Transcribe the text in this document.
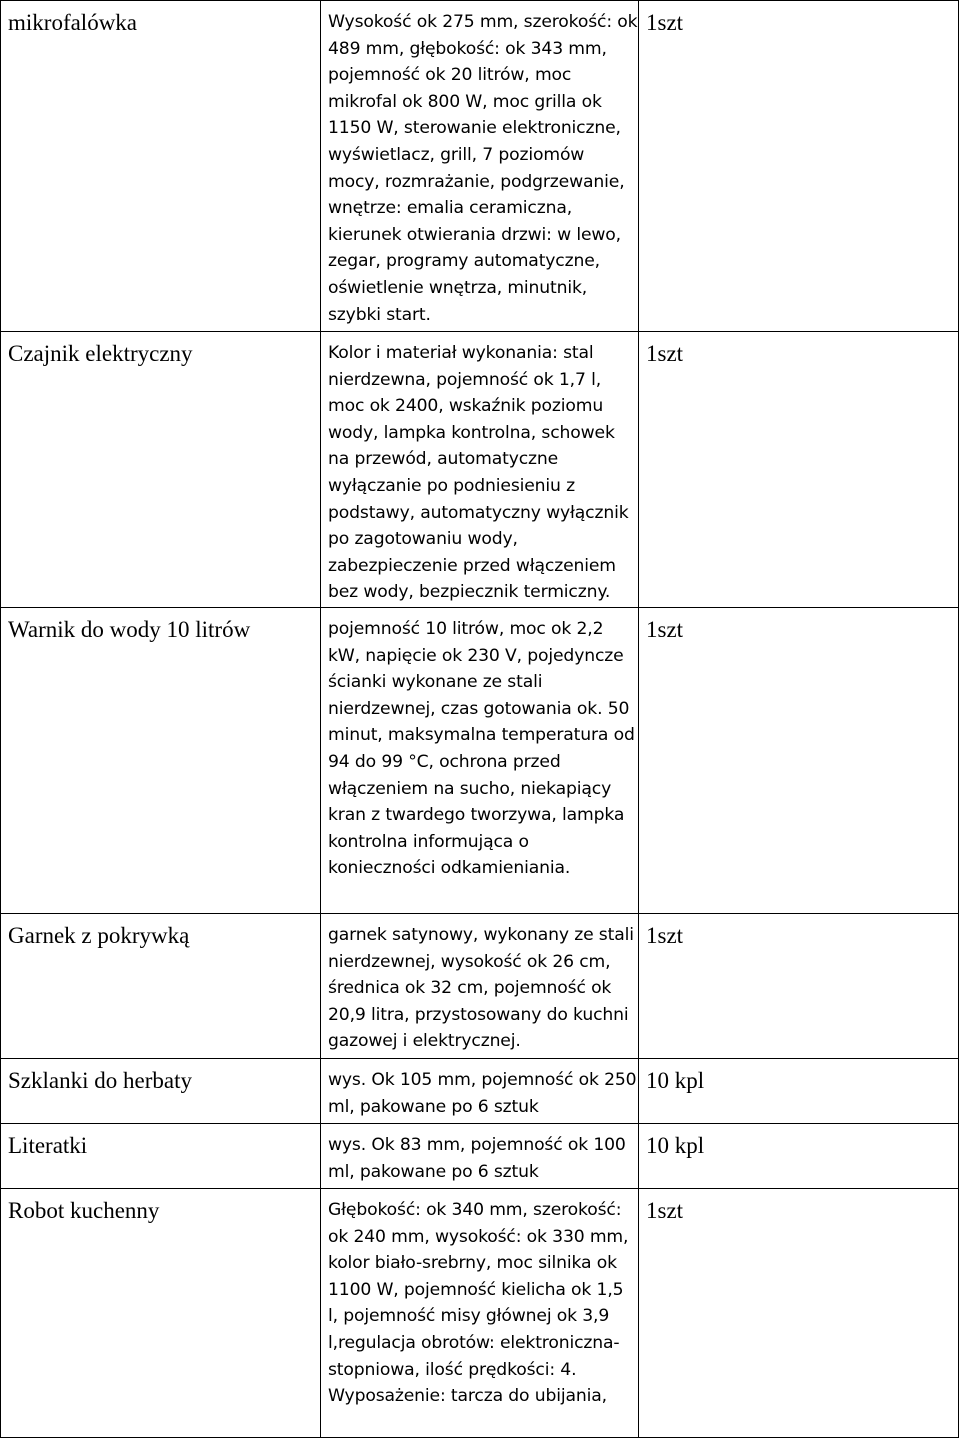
mikrofalówka	Wysokość ok 275 mm, szerokość: ok 489 mm, głębokość: ok 343 mm, pojemność ok 20 litrów, moc mikrofal ok 800 W, moc grilla ok 1150 W, sterowanie elektroniczne, wyświetlacz, grill, 7 poziomów mocy, rozmrażanie, podgrzewanie, wnętrze: emalia ceramiczna, kierunek otwierania drzwi: w lewo, zegar, programy automatyczne, oświetlenie wnętrza, minutnik, szybki start.	1szt
Czajnik elektryczny	Kolor i materiał wykonania: stal nierdzewna, pojemność ok 1,7 l, moc ok 2400, wskaźnik poziomu wody, lampka kontrolna, schowek na przewód, automatyczne wyłączanie po podniesieniu z podstawy, automatyczny wyłącznik po zagotowaniu wody, zabezpieczenie przed włączeniem bez wody, bezpiecznik termiczny.	1szt
Warnik do wody 10 litrów	pojemność 10 litrów, moc ok 2,2 kW, napięcie ok 230 V, pojedyncze ścianki wykonane ze stali nierdzewnej, czas gotowania ok. 50 minut, maksymalna temperatura od 94 do 99 °C, ochrona przed włączeniem na sucho, niekapiący kran z twardego tworzywa, lampka kontrolna informująca o konieczności odkamieniania.	1szt
Garnek z pokrywką	garnek satynowy, wykonany ze stali nierdzewnej, wysokość ok 26 cm, średnica ok 32 cm, pojemność ok 20,9 litra, przystosowany do kuchni gazowej i elektrycznej.	1szt
Szklanki do herbaty	wys. Ok 105 mm, pojemność ok 250 ml, pakowane po 6 sztuk	10 kpl
Literatki	wys. Ok 83 mm, pojemność ok 100 ml, pakowane po 6 sztuk	10 kpl
Robot kuchenny	Głębokość: ok 340 mm, szerokość: ok 240 mm, wysokość: ok 330 mm, kolor biało-srebrny, moc silnika ok 1100 W, pojemność kielicha ok 1,5 l, pojemność misy głównej ok 3,9 l,regulacja obrotów: elektroniczna-stopniowa, ilość prędkości: 4. Wyposażenie: tarcza do ubijania,	1szt
